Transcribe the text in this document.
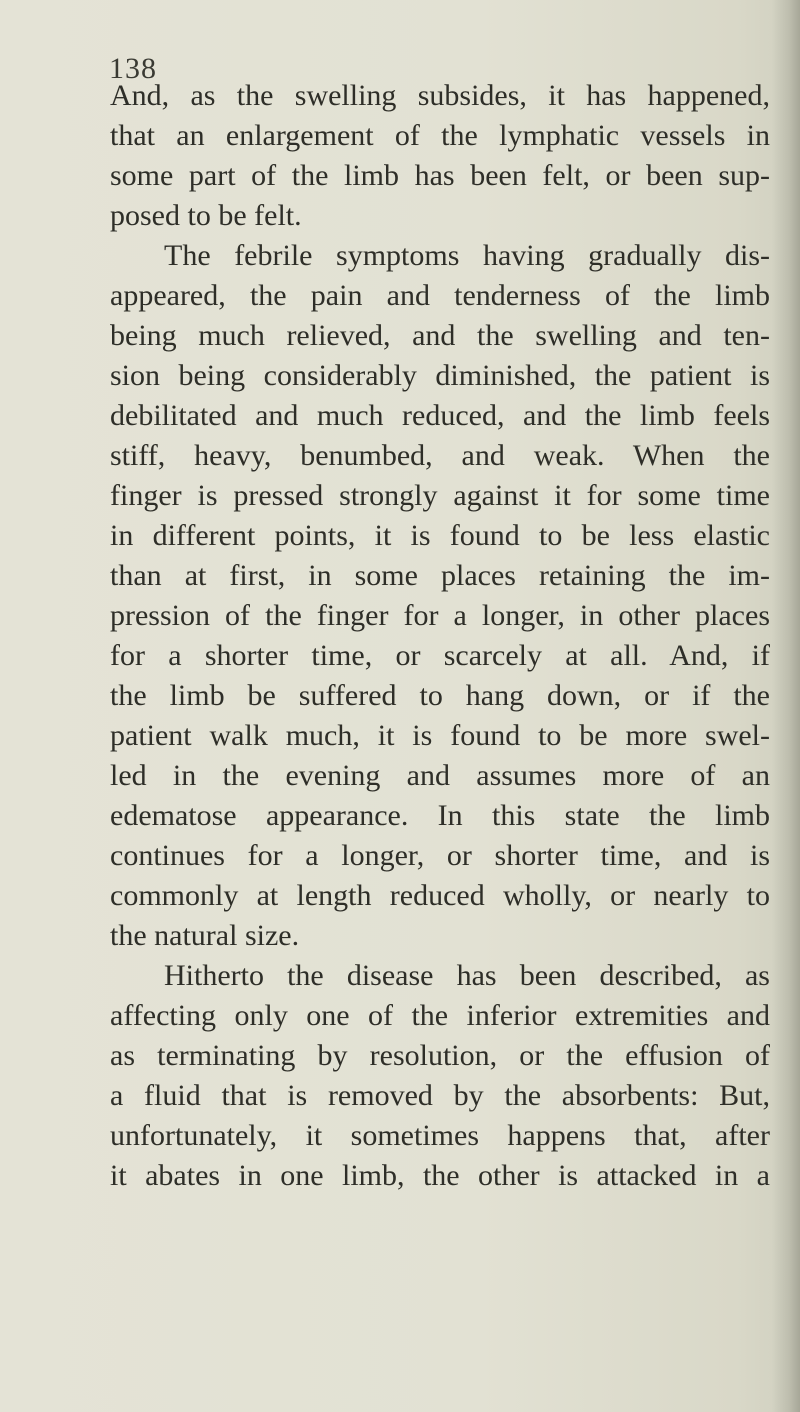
138
And, as the swelling subsides, it has happened,
that an enlargement of the lymphatic vessels in
some part of the limb has been felt, or been sup-
posed to be felt.
The febrile symptoms having gradually dis-
appeared, the pain and tenderness of the limb
being much relieved, and the swelling and ten-
sion being considerably diminished, the patient is
debilitated and much reduced, and the limb feels
stiff, heavy, benumbed, and weak. When the
finger is pressed strongly against it for some time
in different points, it is found to be less elastic
than at first, in some places retaining the im-
pression of the finger for a longer, in other places
for a shorter time, or scarcely at all. And, if
the limb be suffered to hang down, or if the
patient walk much, it is found to be more swel-
led in the evening and assumes more of an
edematose appearance. In this state the limb
continues for a longer, or shorter time, and is
commonly at length reduced wholly, or nearly to
the natural size.
Hitherto the disease has been described, as
affecting only one of the inferior extremities and
as terminating by resolution, or the effusion of
a fluid that is removed by the absorbents: But,
unfortunately, it sometimes happens that, after
it abates in one limb, the other is attacked in a
